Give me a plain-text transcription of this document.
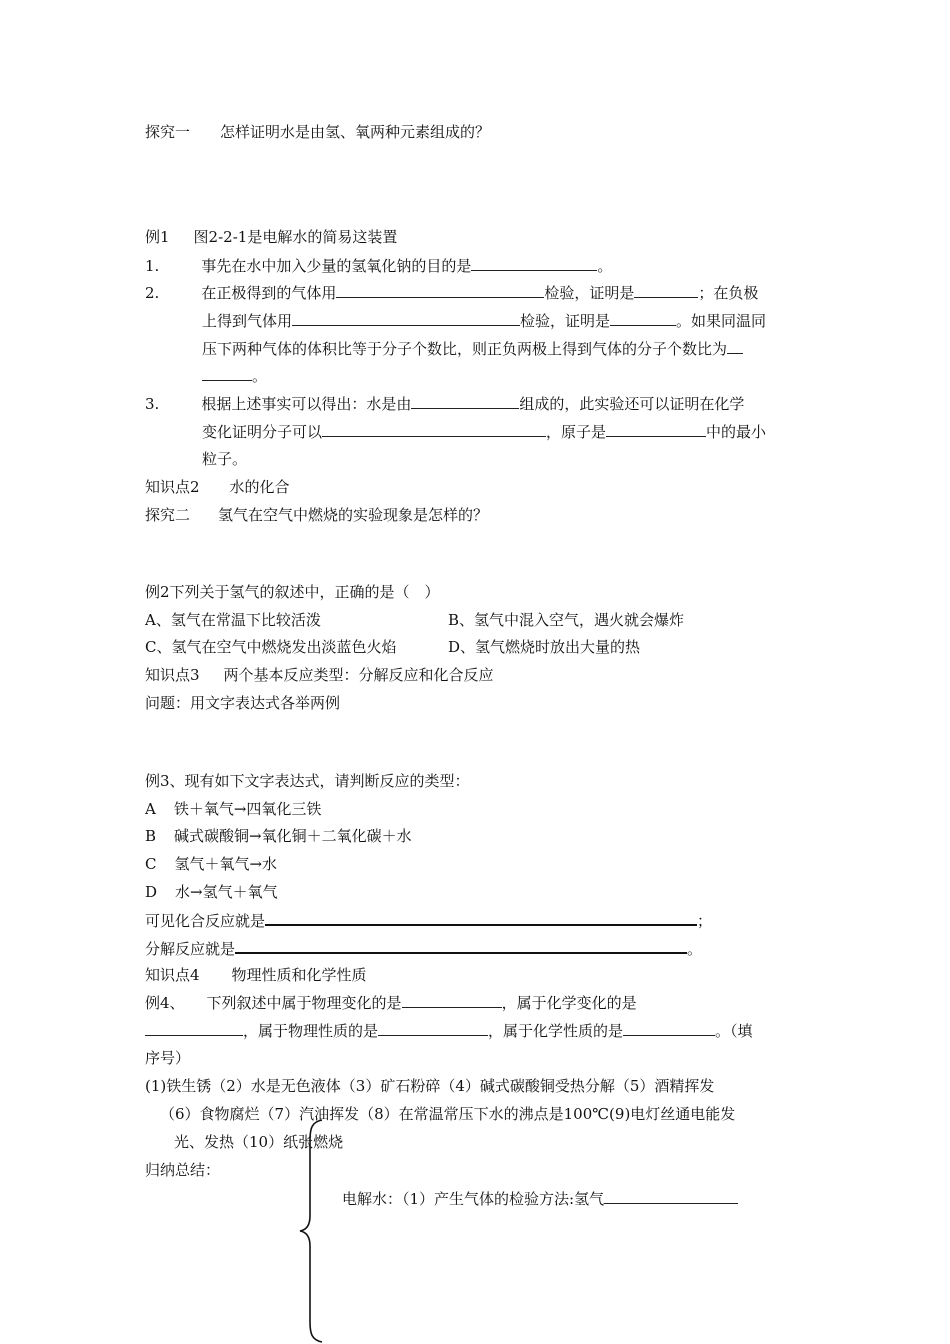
探究一 怎样证明水是由氢、氧两种元素组成的？
例1 图2-2-1是电解水的简易这装置
1.	事先在水中加入少量的氢氧化钠的目的是	。
2.	在正极得到的气体用	检验，证明是	；在负极
上得到气体用	检验，证明是	。如果同温同
压下两种气体的体积比等于分子个数比，则正负两极上得到气体的分子个数比为
。
3.	根据上述事实可以得出：水是由	组成的，此实验还可以证明在化学
变化证明分子可以	，原子是	中的最小
粒子。
知识点2 水的化合
探究二 氢气在空气中燃烧的实验现象是怎样的？
例2下列关于氢气的叙述中，正确的是（　）
A、氢气在常温下比较活泼	B、氢气中混入空气，遇火就会爆炸
C、氢气在空气中燃烧发出淡蓝色火焰	D、氢气燃烧时放出大量的热
知识点3 两个基本反应类型：分解反应和化合反应
问题：用文字表达式各举两例
例3、现有如下文字表达式，请判断反应的类型：
A 铁＋氧气→四氧化三铁
B 碱式碳酸铜→氧化铜＋二氧化碳＋水
C 氢气＋氧气→水
D 水→氢气＋氧气
可见化合反应就是	；
分解反应就是	。
知识点4 物理性质和化学性质
例4、 下列叙述中属于物理变化的是	，属于化学变化的是
，属于物理性质的是	，属于化学性质的是	。（填
序号）
(1)铁生锈（2）水是无色液体（3）矿石粉碎（4）碱式碳酸铜受热分解（5）酒精挥发
（6）食物腐烂（7）汽油挥发（8）在常温常压下水的沸点是100℃(9)电灯丝通电能发
光、发热（10）纸张燃烧
归纳总结：
电解水：（1）产生气体的检验方法:氢气
